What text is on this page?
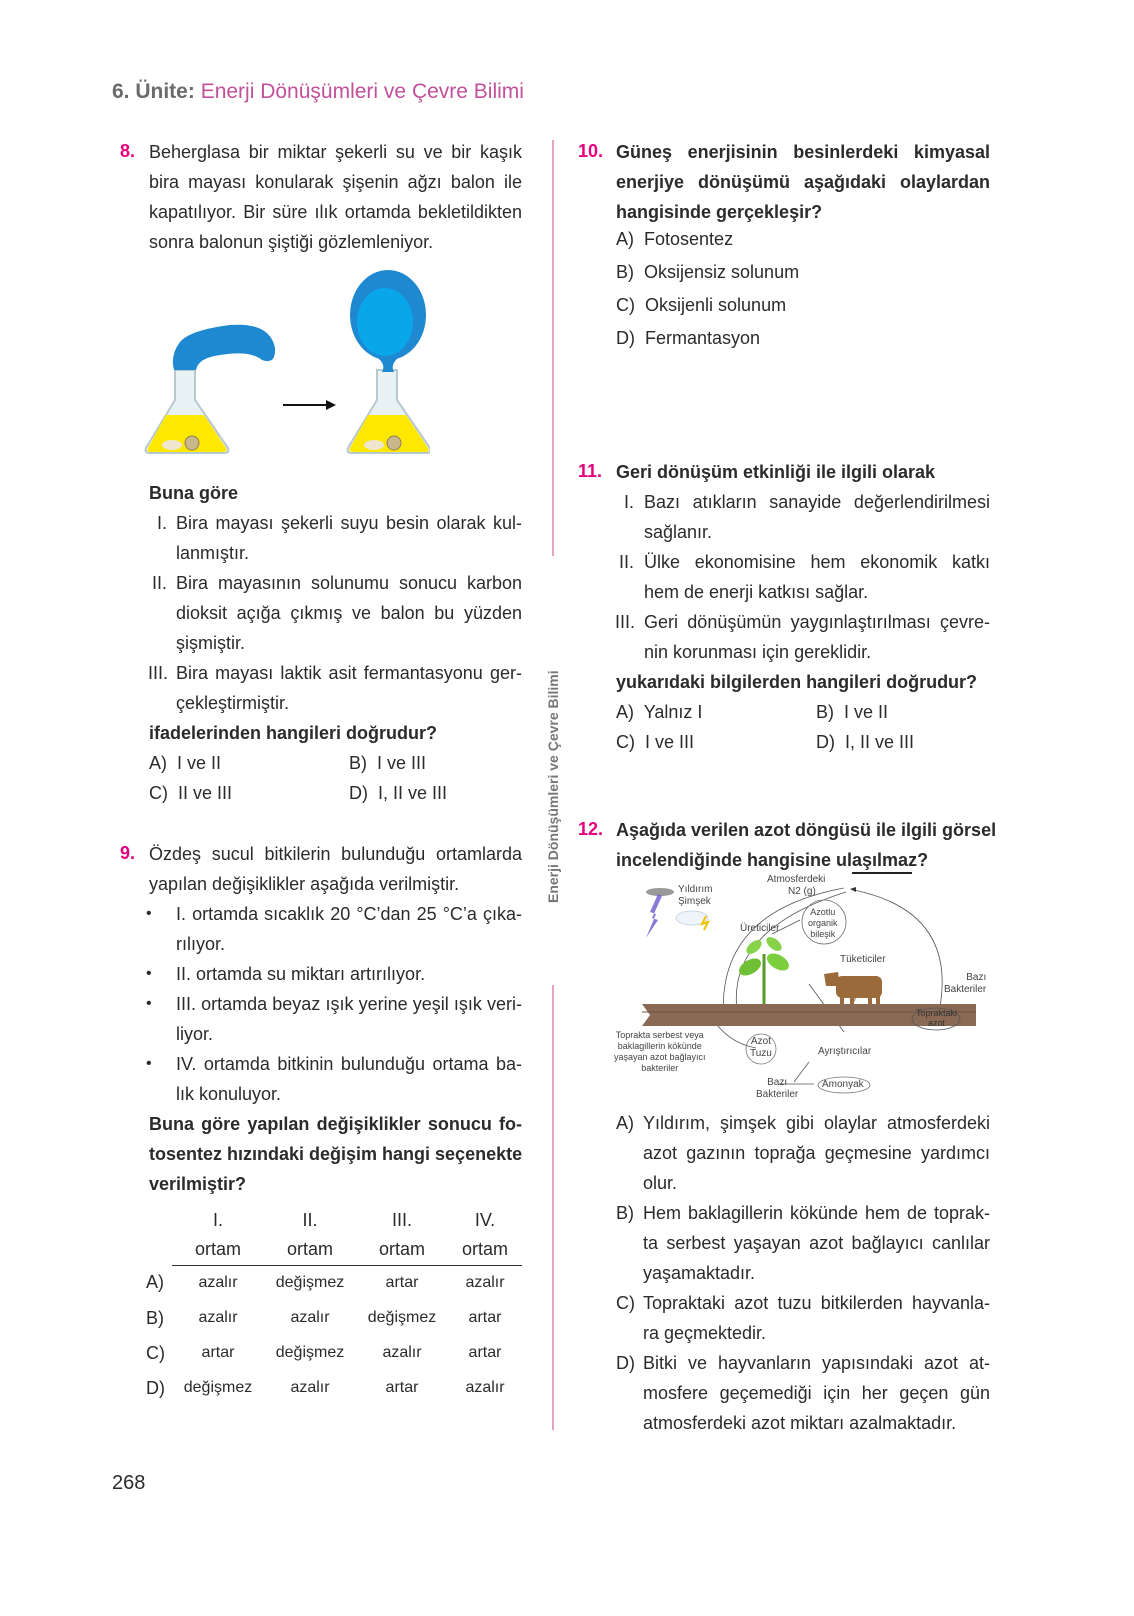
6. Ünite: Enerji Dönüşümleri ve Çevre Bilimi
Enerji Dönüşümleri ve Çevre Bilimi
8. Beherglasa bir miktar şekerli su ve bir kaşık
bira mayası konularak şişenin ağzı balon ile
kapatılıyor. Bir süre ılık ortamda bekletildikten
sonra balonun şiştiği gözlemleniyor.
Buna göre
I. Bira mayası şekerli suyu besin olarak kul-
lanmıştır.
II. Bira mayasının solunumu sonucu karbon
dioksit açığa çıkmış ve balon bu yüzden
şişmiştir.
III. Bira mayası laktik asit fermantasyonu ger-
çekleştirmiştir.
ifadelerinden hangileri doğrudur?
A) I ve II	B) I ve III
C) II ve III	D) I, II ve III
9. Özdeş sucul bitkilerin bulunduğu ortamlarda
yapılan değişiklikler aşağıda verilmiştir.
• I. ortamda sıcaklık 20 °C’dan 25 °C’a çıka-
rılıyor.
• II. ortamda su miktarı artırılıyor.
• III. ortamda beyaz ışık yerine yeşil ışık veri-
liyor.
• IV. ortamda bitkinin bulunduğu ortama ba-
lık konuluyor.
Buna göre yapılan değişiklikler sonucu fo-
tosentez hızındaki değişim hangi seçenekte
verilmiştir?
	I.	II.	III.	IV.
	ortam	ortam	ortam	ortam
A)	azalır	değişmez	artar	azalır
B)	azalır	azalır	değişmez	artar
C)	artar	değişmez	azalır	artar
D)	değişmez	azalır	artar	azalır
10. Güneş enerjisinin besinlerdeki kimyasal
enerjiye dönüşümü aşağıdaki olaylardan
hangisinde gerçekleşir?
A) Fotosentez
B) Oksijensiz solunum
C) Oksijenli solunum
D) Fermantasyon
11. Geri dönüşüm etkinliği ile ilgili olarak
I. Bazı atıkların sanayide değerlendirilmesi
sağlanır.
II. Ülke ekonomisine hem ekonomik katkı
hem de enerji katkısı sağlar.
III. Geri dönüşümün yaygınlaştırılması çevre-
nin korunması için gereklidir.
yukarıdaki bilgilerden hangileri doğrudur?
A) Yalnız I	B) I ve II
C) I ve III	D) I, II ve III
12. Aşağıda verilen azot döngüsü ile ilgili görsel
incelendiğinde hangisine ulaşılmaz?
Yıldırım
Şimşek
Atmosferdeki
N2 (g)
Üreticiler
Azotlu
organik
bileşik
Tüketiciler
Bazı
Bakteriler
Topraktaki
azot
Toprakta serbest veya
baklagillerin kökünde
yaşayan azot bağlayıcı
bakteriler
Azot
Tuzu	Ayrıştırıcılar
Bazı
Bakteriler
Amonyak
A) Yıldırım, şimşek gibi olaylar atmosferdeki
azot gazının toprağa geçmesine yardımcı
olur.
B) Hem baklagillerin kökünde hem de toprak-
ta serbest yaşayan azot bağlayıcı canlılar
yaşamaktadır.
C) Topraktaki azot tuzu bitkilerden hayvanla-
ra geçmektedir.
D) Bitki ve hayvanların yapısındaki azot at-
mosfere geçemediği için her geçen gün
atmosferdeki azot miktarı azalmaktadır.
268
